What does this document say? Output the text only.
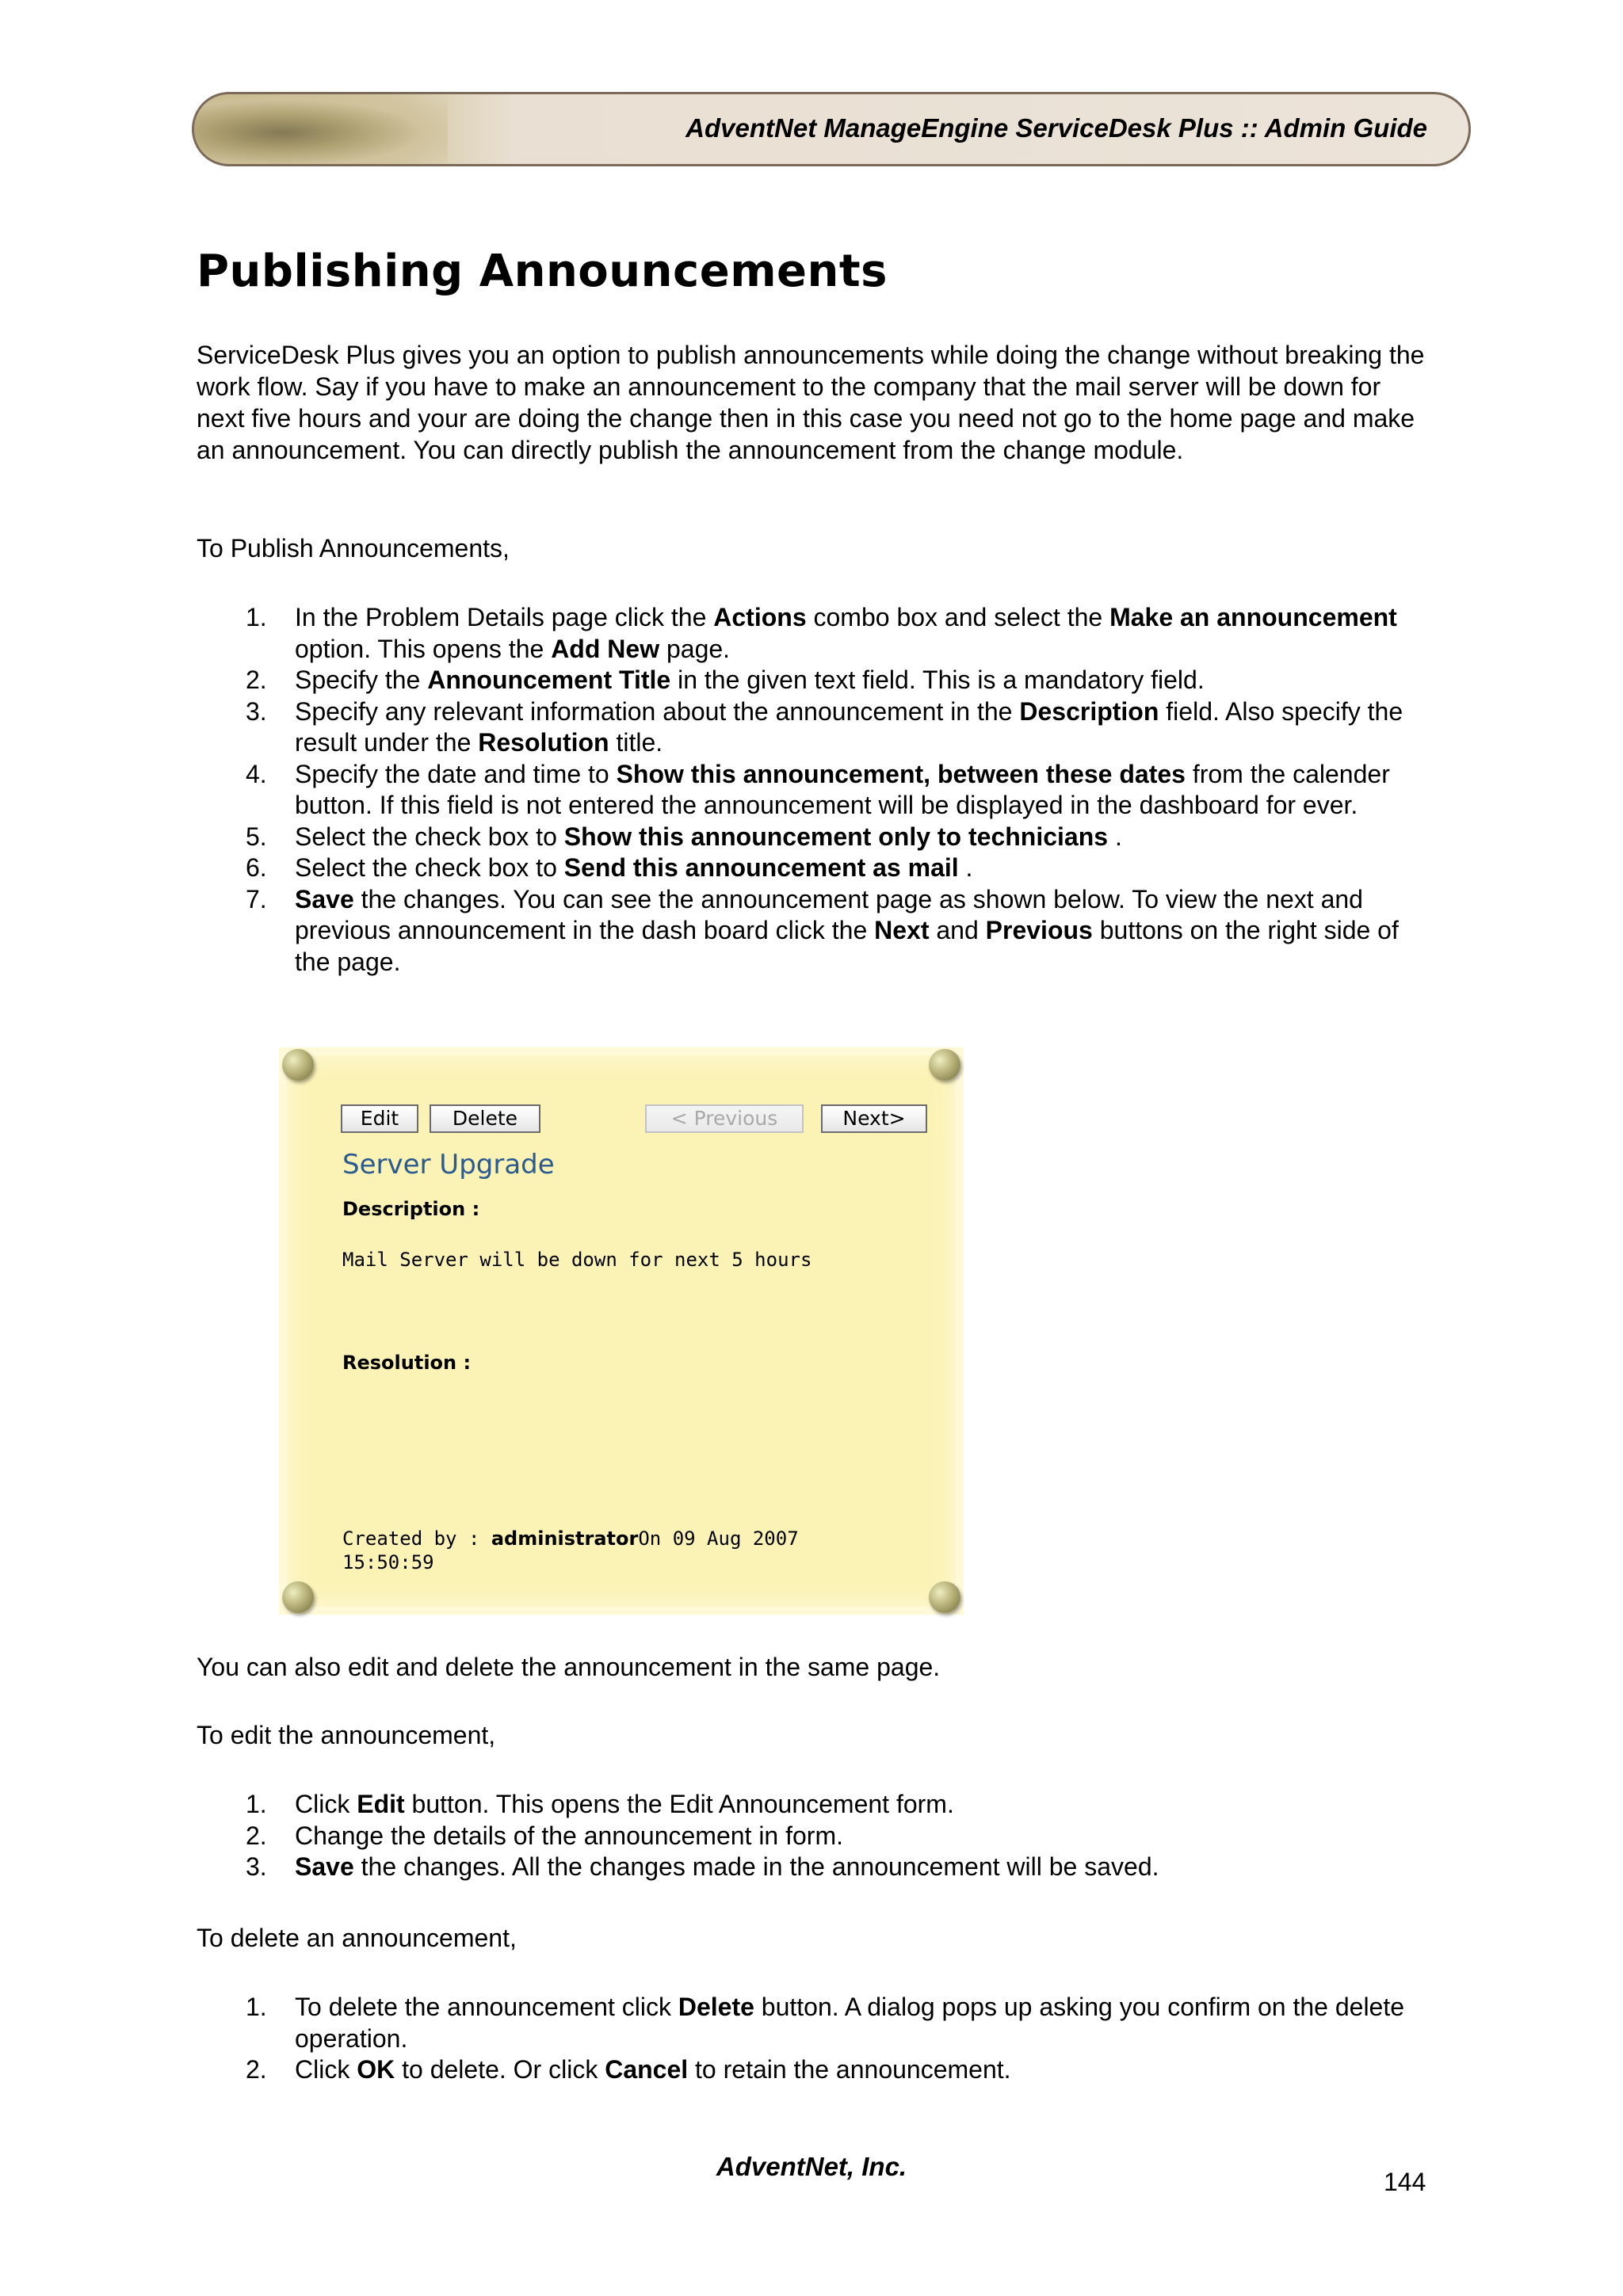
AdventNet ManageEngine ServiceDesk Plus :: Admin Guide
Publishing Announcements
ServiceDesk Plus gives you an option to publish announcements while doing the change without breaking the work flow. Say if you have to make an announcement to the company that the mail server will be down for next five hours and your are doing the change then in this case you need not go to the home page and make an announcement. You can directly publish the announcement from the change module.
To Publish Announcements,
1. In the Problem Details page click the Actions combo box and select the Make an announcement option. This opens the Add New page.
2. Specify the Announcement Title in the given text field. This is a mandatory field.
3. Specify any relevant information about the announcement in the Description field. Also specify the result under the Resolution title.
4. Specify the date and time to Show this announcement, between these dates from the calender button. If this field is not entered the announcement will be displayed in the dashboard for ever.
5. Select the check box to Show this announcement only to technicians .
6. Select the check box to Send this announcement as mail .
7. Save the changes. You can see the announcement page as shown below. To view the next and previous announcement in the dash board click the Next and Previous buttons on the right side of the page.
Edit	Delete	< Previous	Next>
Server Upgrade
Description :
Mail Server will be down for next 5 hours
Resolution :
Created by : administratorOn 09 Aug 2007
15:50:59
You can also edit and delete the announcement in the same page.
To edit the announcement,
1. Click Edit button. This opens the Edit Announcement form.
2. Change the details of the announcement in form.
3. Save the changes. All the changes made in the announcement will be saved.
To delete an announcement,
1. To delete the announcement click Delete button. A dialog pops up asking you confirm on the delete operation.
2. Click OK to delete. Or click Cancel to retain the announcement.
AdventNet, Inc.
144
